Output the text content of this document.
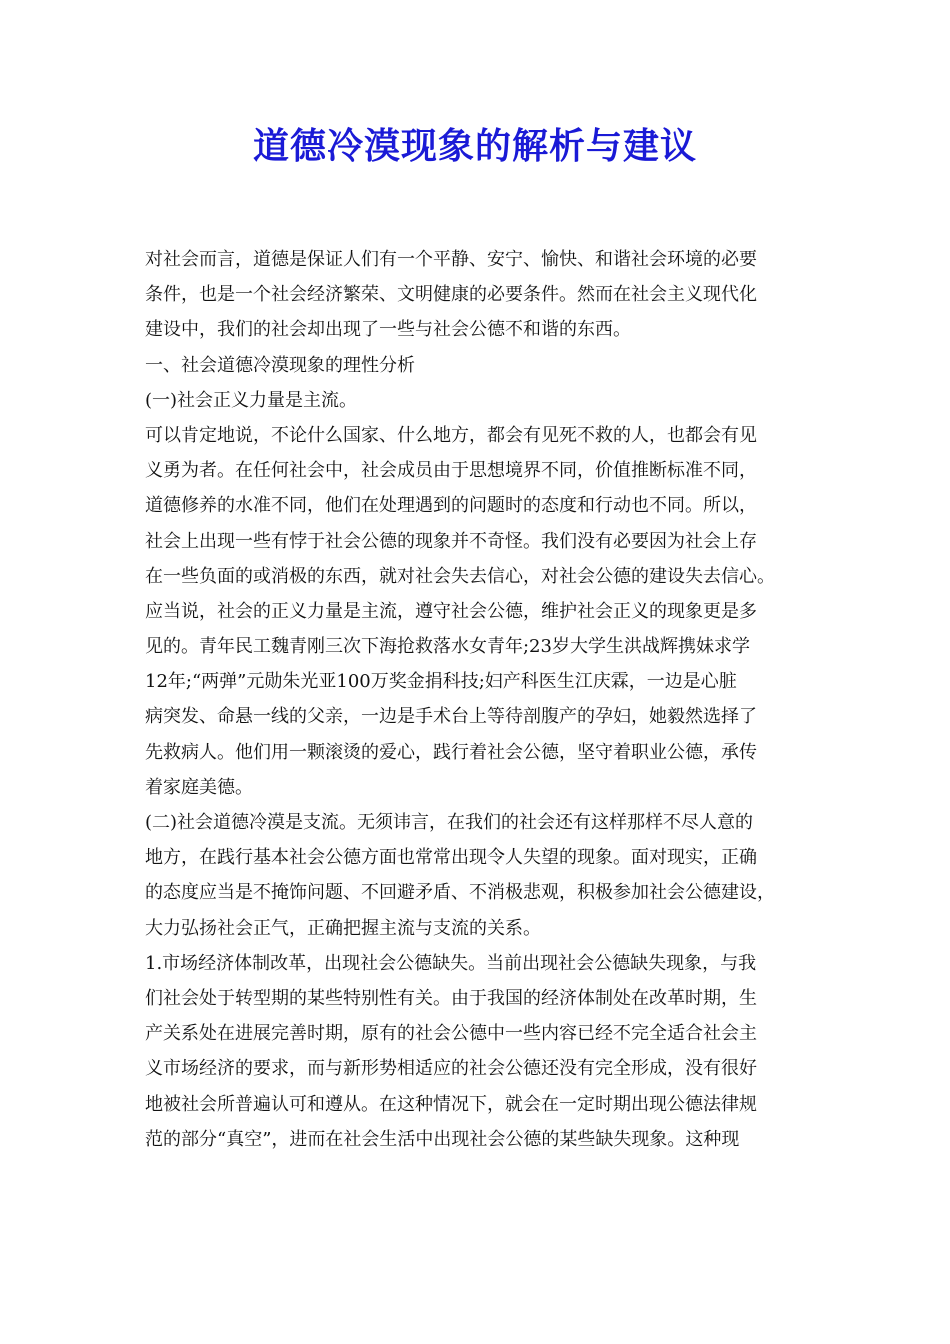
道德冷漠现象的解析与建议
对社会而言，道德是保证人们有一个平静、安宁、愉快、和谐社会环境的必要
条件，也是一个社会经济繁荣、文明健康的必要条件。然而在社会主义现代化
建设中，我们的社会却出现了一些与社会公德不和谐的东西。
一、社会道德冷漠现象的理性分析
(一)社会正义力量是主流。
可以肯定地说，不论什么国家、什么地方，都会有见死不救的人，也都会有见
义勇为者。在任何社会中，社会成员由于思想境界不同，价值推断标准不同，
道德修养的水准不同，他们在处理遇到的问题时的态度和行动也不同。所以，
社会上出现一些有悖于社会公德的现象并不奇怪。我们没有必要因为社会上存
在一些负面的或消极的东西，就对社会失去信心，对社会公德的建设失去信心。
应当说，社会的正义力量是主流，遵守社会公德，维护社会正义的现象更是多
见的。青年民工魏青刚三次下海抢救落水女青年;23岁大学生洪战辉携妹求学
12年;“两弹”元勋朱光亚100万奖金捐科技;妇产科医生江庆霖，一边是心脏
病突发、命悬一线的父亲，一边是手术台上等待剖腹产的孕妇，她毅然选择了
先救病人。他们用一颗滚烫的爱心，践行着社会公德，坚守着职业公德，承传
着家庭美德。
(二)社会道德冷漠是支流。无须讳言，在我们的社会还有这样那样不尽人意的
地方，在践行基本社会公德方面也常常出现令人失望的现象。面对现实，正确
的态度应当是不掩饰问题、不回避矛盾、不消极悲观，积极参加社会公德建设，
大力弘扬社会正气，正确把握主流与支流的关系。
1.市场经济体制改革，出现社会公德缺失。当前出现社会公德缺失现象，与我
们社会处于转型期的某些特别性有关。由于我国的经济体制处在改革时期，生
产关系处在进展完善时期，原有的社会公德中一些内容已经不完全适合社会主
义市场经济的要求，而与新形势相适应的社会公德还没有完全形成，没有很好
地被社会所普遍认可和遵从。在这种情况下，就会在一定时期出现公德法律规
范的部分“真空”，进而在社会生活中出现社会公德的某些缺失现象。这种现
